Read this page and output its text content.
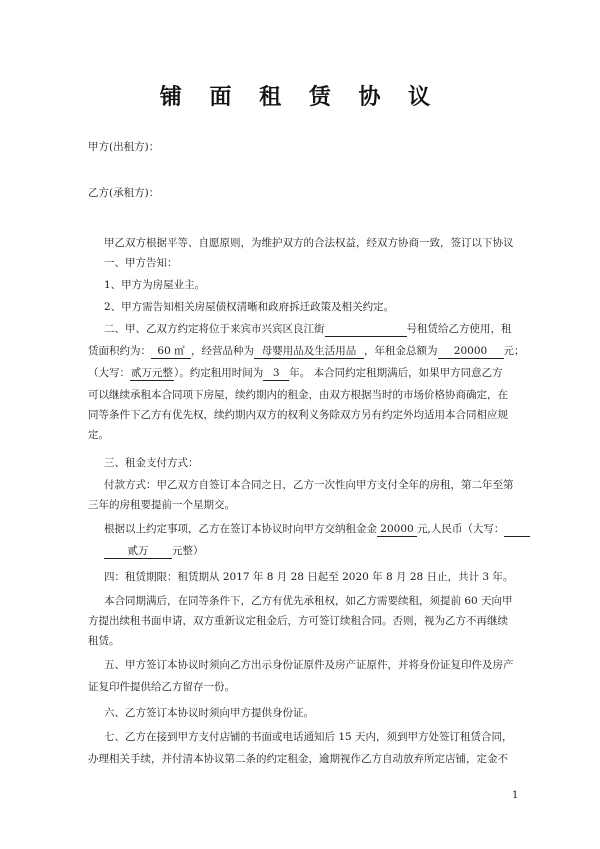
铺 面 租 赁 协 议
甲方(出租方)：
乙方(承租方)：
甲乙双方根据平等、自愿原则，为维护双方的合法权益，经双方协商一致，签订以下协议
一、甲方告知：
1、甲方为房屋业主。
2、甲方需告知相关房屋债权清晰和政府拆迁政策及相关约定。
二、甲、乙双方约定将位于来宾市兴宾区良江街	号租赁给乙方使用，租
赁面积约为： 60 ㎡ ，经营品种为 母婴用品及生活用品 ，年租金总额为 20000 元；
（大写：贰万元整）。约定租用时间为 3 年。 本合同约定租期满后，如果甲方同意乙方
可以继续承租本合同项下房屋，续约期内的租金，由双方根据当时的市场价格协商确定，在
同等条件下乙方有优先权，续约期内双方的权利义务除双方另有约定外均适用本合同相应规
定。
三、租金支付方式：
付款方式：甲乙双方自签订本合同之日，乙方一次性向甲方支付全年的房租，第二年至第
三年的房租要提前一个星期交。
根据以上约定事项，乙方在签订本协议时向甲方交纳租金金 20000 元,人民币（大写：
贰万 元整）
四：租赁期限：租赁期从 2017 年 8 月 28 日起至 2020 年 8 月 28 日止，共计 3 年。
本合同期满后，在同等条件下，乙方有优先承租权，如乙方需要续租，须提前 60 天向甲
方提出续租书面申请，双方重新议定租金后，方可签订续租合同。否则，视为乙方不再继续
租赁。
五、甲方签订本协议时须向乙方出示身份证原件及房产证原件，并将身份证复印件及房产
证复印件提供给乙方留存一份。
六、乙方签订本协议时须向甲方提供身份证。
七、乙方在接到甲方支付店铺的书面或电话通知后 15 天内，须到甲方处签订租赁合同，
办理相关手续，并付清本协议第二条的约定租金，逾期视作乙方自动放弃所定店铺，定金不
1
